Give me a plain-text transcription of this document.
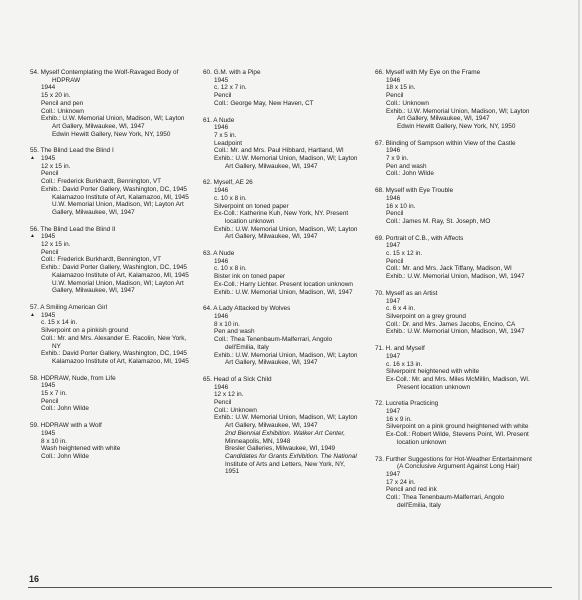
54. Myself Contemplating the Wolf-Ravaged Body of
HDPRAW
1944
15 x 20 in.
Pencil and pen
Coll.: Unknown
Exhib.: U.W. Memorial Union, Madison, WI; Layton
Art Gallery, Milwaukee, WI, 1947
Edwin Hewitt Gallery, New York, NY, 1950
55. The Blind Lead the Blind I
▲ 1945
12 x 15 in.
Pencil
Coll.: Frederick Burkhardt, Bennington, VT
Exhib.: David Porter Gallery, Washington, DC, 1945
Kalamazoo Institute of Art, Kalamazoo, MI, 1945
U.W. Memorial Union, Madison, WI; Layton Art
Gallery, Milwaukee, WI, 1947
56. The Blind Lead the Blind II
▲ 1945
12 x 15 in.
Pencil
Coll.: Frederick Burkhardt, Bennington, VT
Exhib.: David Porter Gallery, Washington, DC, 1945
Kalamazoo Institute of Art, Kalamazoo, MI, 1945
U.W. Memorial Union, Madison, WI; Layton Art
Gallery, Milwaukee, WI, 1947
57. A Smiling American Girl
▲ 1945
c. 15 x 14 in.
Silverpoint on a pinkish ground
Coll.: Mr. and Mrs. Alexander E. Racolin, New York,
NY
Exhib.: David Porter Gallery, Washington, DC, 1945
Kalamazoo Institute of Art, Kalamazoo, MI, 1945
58. HDPRAW, Nude, from Life
1945
15 x 7 in.
Pencil
Coll.: John Wilde
59. HDPRAW with a Wolf
1945
8 x 10 in.
Wash heightened with white
Coll.: John Wilde
60. G.M. with a Pipe
1945
c. 12 x 7 in.
Pencil
Coll.: George May, New Haven, CT
61. A Nude
1946
7 x 5 in.
Leadpoint
Coll.: Mr. and Mrs. Paul Hibbard, Hartland, WI
Exhib.: U.W. Memorial Union, Madison, WI; Layton
Art Gallery, Milwaukee, WI, 1947
62. Myself, AE 26
1946
c. 10 x 8 in.
Silverpoint on toned paper
Ex-Coll.: Katherine Kuh, New York, NY. Present
location unknown
Exhib.: U.W. Memorial Union, Madison, WI; Layton
Art Gallery, Milwaukee, WI, 1947
63. A Nude
1946
c. 10 x 8 in.
Bister ink on toned paper
Ex-Coll.: Harry Lichter. Present location unknown
Exhib.: U.W. Memorial Union, Madison, WI, 1947
64. A Lady Attacked by Wolves
1946
8 x 10 in.
Pen and wash
Coll.: Thea Tenenbaum-Malferrari, Angolo
dell'Emilia, Italy
Exhib.: U.W. Memorial Union, Madison, WI; Layton
Art Gallery, Milwaukee, WI, 1947
65. Head of a Sick Child
1946
12 x 12 in.
Pencil
Coll.: Unknown
Exhib.: U.W. Memorial Union, Madison, WI; Layton
Art Gallery, Milwaukee, WI, 1947
2nd Biennial Exhibition. Walker Art Center,
Minneapolis, MN, 1948
Bresler Galleries, Milwaukee, WI, 1949
Candidates for Grants Exhibition. The National
Institute of Arts and Letters, New York, NY,
1951
66. Myself with My Eye on the Frame
1946
18 x 15 in.
Pencil
Coll.: Unknown
Exhib.: U.W. Memorial Union, Madison, WI; Layton
Art Gallery, Milwaukee, WI, 1947
Edwin Hewitt Gallery, New York, NY, 1950
67. Blinding of Sampson within View of the Castle
1946
7 x 9 in.
Pen and wash
Coll.: John Wilde
68. Myself with Eye Trouble
1946
16 x 10 in.
Pencil
Coll.: James M. Ray, St. Joseph, MO
69. Portrait of C.B., with Affects
1947
c. 15 x 12 in.
Pencil
Coll.: Mr. and Mrs. Jack Tiffany, Madison, WI
Exhib.: U.W. Memorial Union, Madison, WI, 1947
70. Myself as an Artist
1947
c. 6 x 4 in.
Silverpoint on a grey ground
Coll.: Dr. and Mrs. James Jacobs, Encino, CA
Exhib.: U.W. Memorial Union, Madison, WI, 1947
71. H. and Myself
1947
c. 16 x 13 in.
Silverpoint heightened with white
Ex-Coll.: Mr. and Mrs. Miles McMillin, Madison, WI.
Present location unknown
72. Lucretia Practicing
1947
16 x 9 in.
Silverpoint on a pink ground heightened with white
Ex-Coll.: Robert Wilde, Stevens Point, WI. Present
location unknown
73. Further Suggestions for Hot-Weather Entertainment
(A Conclusive Argument Against Long Hair)
1947
17 x 24 in.
Pencil and red ink
Coll.: Thea Tenenbaum-Malferrari, Angolo
dell'Emilia, Italy
16
